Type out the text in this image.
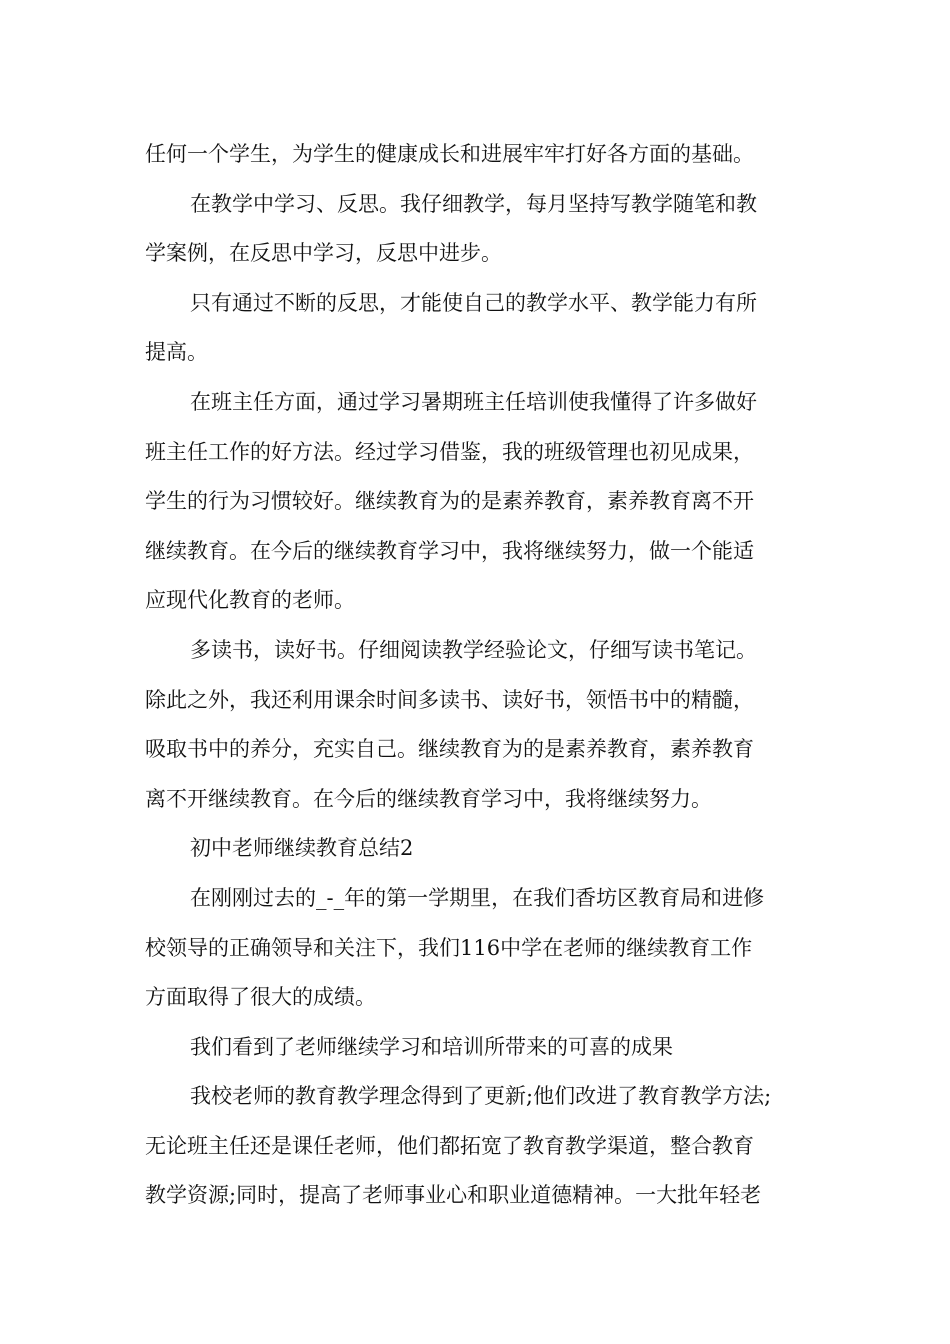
任何一个学生，为学生的健康成长和进展牢牢打好各方面的基础。
在教学中学习、反思。我仔细教学，每月坚持写教学随笔和教
学案例，在反思中学习，反思中进步。
只有通过不断的反思，才能使自己的教学水平、教学能力有所
提高。
在班主任方面，通过学习暑期班主任培训使我懂得了许多做好
班主任工作的好方法。经过学习借鉴，我的班级管理也初见成果，
学生的行为习惯较好。继续教育为的是素养教育，素养教育离不开
继续教育。在今后的继续教育学习中，我将继续努力，做一个能适
应现代化教育的老师。
多读书，读好书。仔细阅读教学经验论文，仔细写读书笔记。
除此之外，我还利用课余时间多读书、读好书，领悟书中的精髓，
吸取书中的养分，充实自己。继续教育为的是素养教育，素养教育
离不开继续教育。在今后的继续教育学习中，我将继续努力。
初中老师继续教育总结2
在刚刚过去的_-_年的第一学期里，在我们香坊区教育局和进修
校领导的正确领导和关注下，我们116中学在老师的继续教育工作
方面取得了很大的成绩。
我们看到了老师继续学习和培训所带来的可喜的成果
我校老师的教育教学理念得到了更新;他们改进了教育教学方法;
无论班主任还是课任老师，他们都拓宽了教育教学渠道，整合教育
教学资源;同时，提高了老师事业心和职业道德精神。一大批年轻老
